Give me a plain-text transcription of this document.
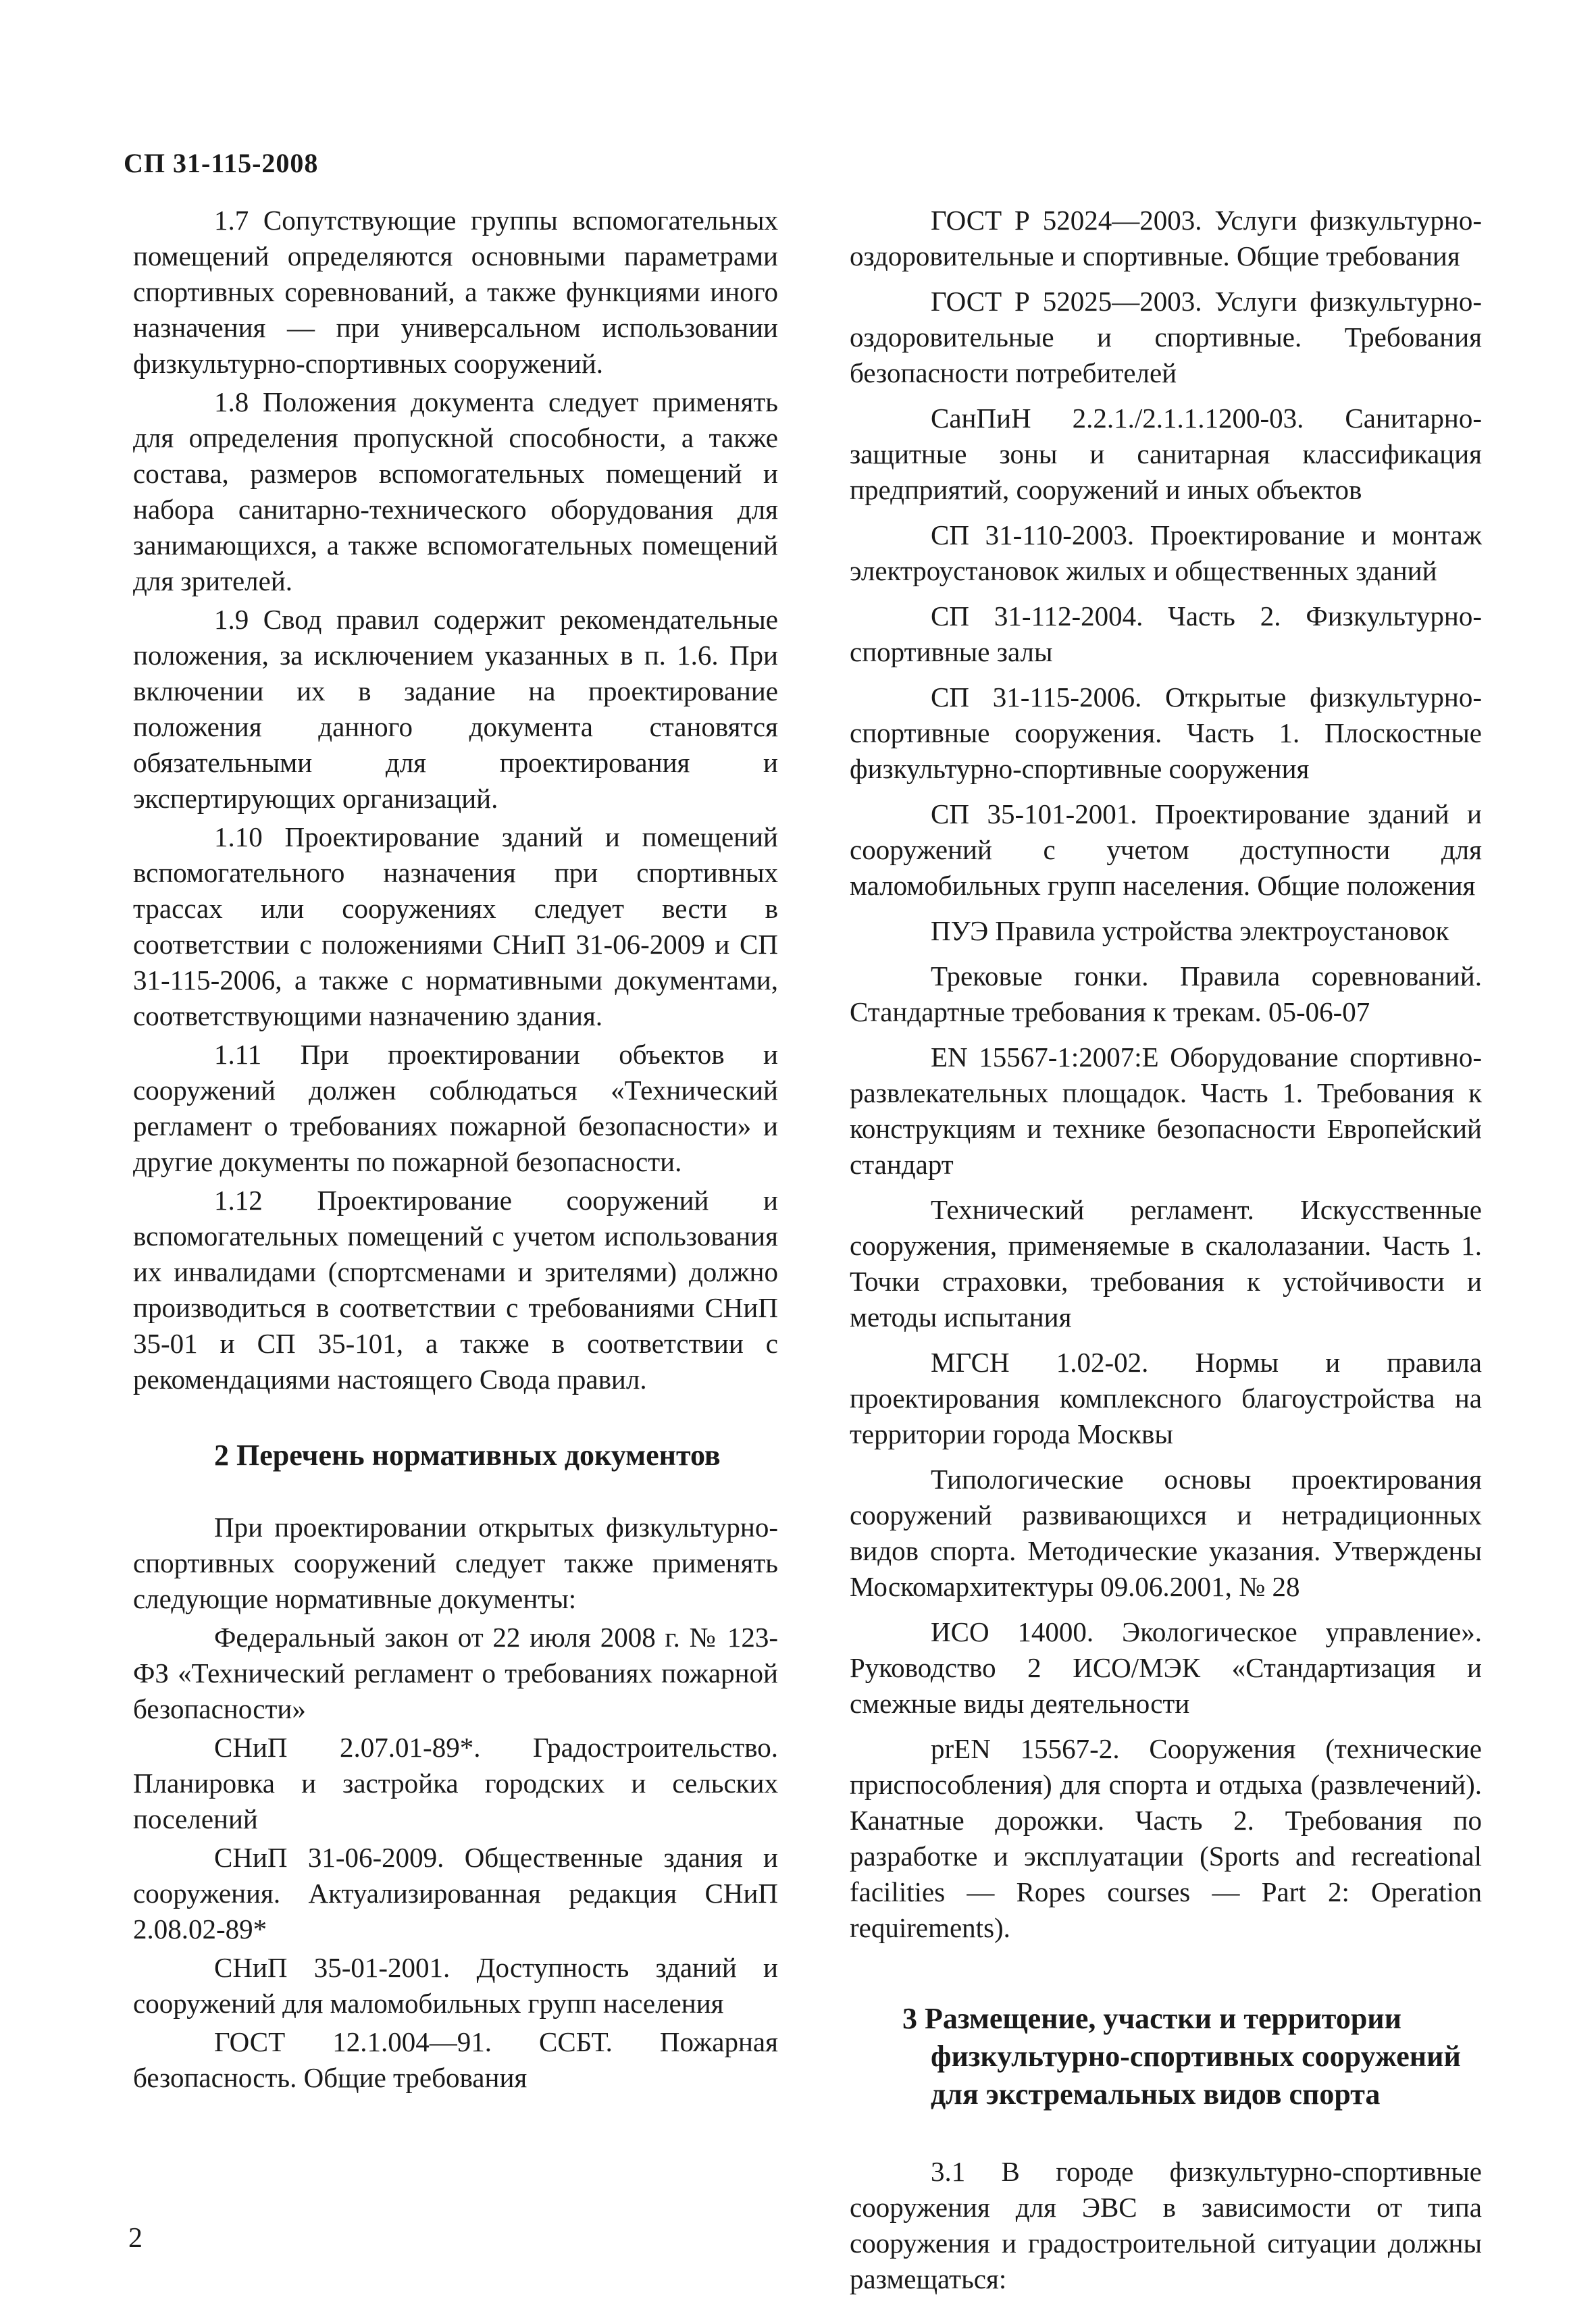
СП 31-115-2008

1.7 Сопутствующие группы вспомогательных помещений определяются основными параметрами спортивных соревнований, а также функциями иного назначения — при универсальном использовании физкультурно-спортивных сооружений.

1.8 Положения документа следует применять для определения пропускной способности, а также состава, размеров вспомогательных помещений и набора санитарно-технического оборудования для занимающихся, а также вспомогательных помещений для зрителей.

1.9 Свод правил содержит рекомендательные положения, за исключением указанных в п. 1.6. При включении их в задание на проектирование положения данного документа становятся обязательными для проектирования и экспертирующих организаций.

1.10 Проектирование зданий и помещений вспомогательного назначения при спортивных трассах или сооружениях следует вести в соответствии с положениями СНиП 31-06-2009 и СП 31-115-2006, а также с нормативными документами, соответствующими назначению здания.

1.11 При проектировании объектов и сооружений должен соблюдаться «Технический регламент о требованиях пожарной безопасности» и другие документы по пожарной безопасности.

1.12 Проектирование сооружений и вспомогательных помещений с учетом использования их инвалидами (спортсменами и зрителями) должно производиться в соответствии с требованиями СНиП 35-01 и СП 35-101, а также в соответствии с рекомендациями настоящего Свода правил.

2 Перечень нормативных документов

При проектировании открытых физкультурно-спортивных сооружений следует также применять следующие нормативные документы:

Федеральный закон от 22 июля 2008 г. № 123-ФЗ «Технический регламент о требованиях пожарной безопасности»

СНиП 2.07.01-89*. Градостроительство. Планировка и застройка городских и сельских поселений

СНиП 31-06-2009. Общественные здания и сооружения. Актуализированная редакция СНиП 2.08.02-89*

СНиП 35-01-2001. Доступность зданий и сооружений для маломобильных групп населения

ГОСТ 12.1.004—91. ССБТ. Пожарная безопасность. Общие требования

ГОСТ Р 52024—2003. Услуги физкультурно-оздоровительные и спортивные. Общие требования

ГОСТ Р 52025—2003. Услуги физкультурно-оздоровительные и спортивные. Требования безопасности потребителей

СанПиН 2.2.1./2.1.1.1200-03. Санитарно-защитные зоны и санитарная классификация предприятий, сооружений и иных объектов

СП 31-110-2003. Проектирование и монтаж электроустановок жилых и общественных зданий

СП 31-112-2004. Часть 2. Физкультурно-спортивные залы

СП 31-115-2006. Открытые физкультурно-спортивные сооружения. Часть 1. Плоскостные физкультурно-спортивные сооружения

СП 35-101-2001. Проектирование зданий и сооружений с учетом доступности для маломобильных групп населения. Общие положения

ПУЭ Правила устройства электроустановок

Трековые гонки. Правила соревнований. Стандартные требования к трекам. 05-06-07

EN 15567-1:2007:E Оборудование спортивно-развлекательных площадок. Часть 1. Требования к конструкциям и технике безопасности Европейский стандарт

Технический регламент. Искусственные сооружения, применяемые в скалолазании. Часть 1. Точки страховки, требования к устойчивости и методы испытания

МГСН 1.02-02. Нормы и правила проектирования комплексного благоустройства на территории города Москвы

Типологические основы проектирования сооружений развивающихся и нетрадиционных видов спорта. Методические указания. Утверждены Москомархитектуры 09.06.2001, № 28

ИСО 14000. Экологическое управление». Руководство 2 ИСО/МЭК «Стандартизация и смежные виды деятельности

prEN 15567-2. Сооружения (технические приспособления) для спорта и отдыха (развлечений). Канатные дорожки. Часть 2. Требования по разработке и эксплуатации (Sports and recreational facilities — Ropes courses — Part 2: Operation requirements).

3 Размещение, участки и территории физкультурно-спортивных сооружений для экстремальных видов спорта

3.1 В городе физкультурно-спортивные сооружения для ЭВС в зависимости от типа сооружения и градостроительной ситуации должны размещаться:

2
